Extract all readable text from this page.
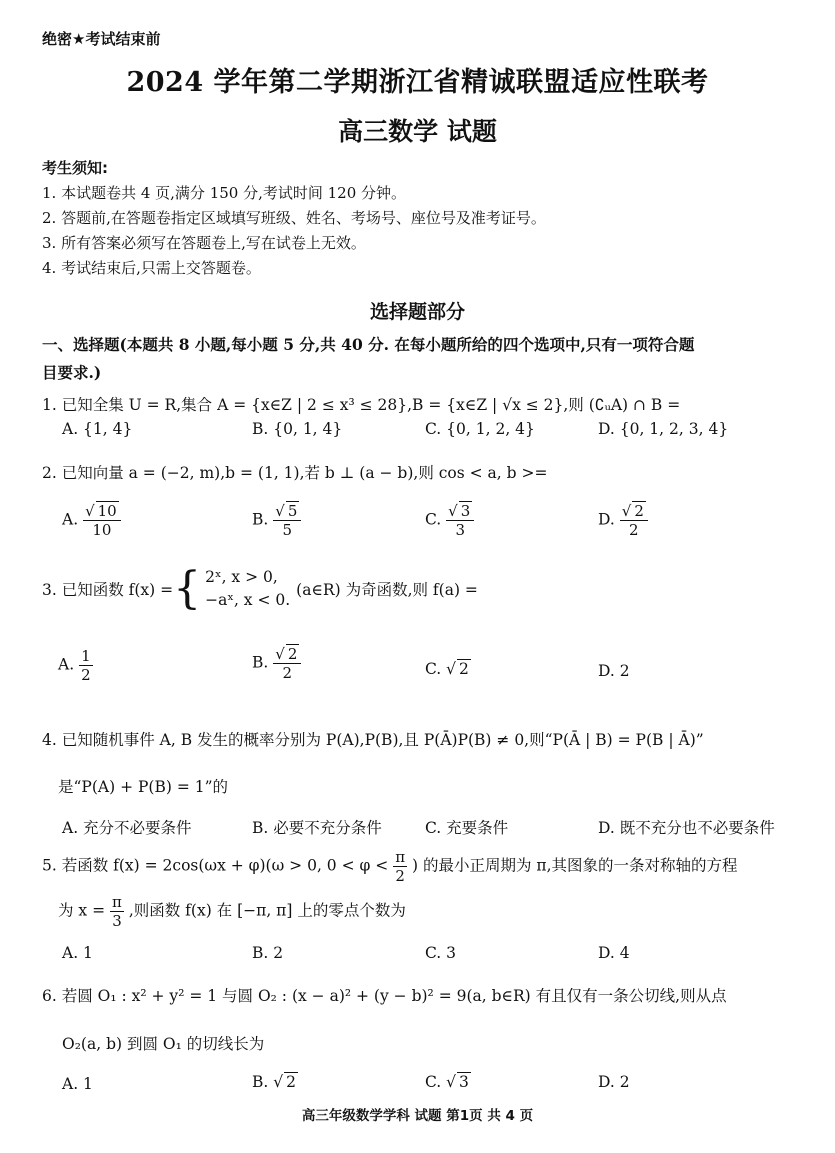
绝密★考试结束前
2024 学年第二学期浙江省精诚联盟适应性联考
高三数学 试题
考生须知:
1. 本试题卷共 4 页,满分 150 分,考试时间 120 分钟。
2. 答题前,在答题卷指定区域填写班级、姓名、考场号、座位号及准考证号。
3. 所有答案必须写在答题卷上,写在试卷上无效。
4. 考试结束后,只需上交答题卷。
选择题部分
一、选择题(本题共 8 小题,每小题 5 分,共 40 分. 在每小题所给的四个选项中,只有一项符合题
目要求.)
1. 已知全集 U = R,集合 A = {x∈Z | 2 ≤ x³ ≤ 28},B = {x∈Z | √x ≤ 2},则 (∁ᵤA) ∩ B =
A. {1, 4}	B. {0, 1, 4}	C. {0, 1, 2, 4}	D. {0, 1, 2, 3, 4}
2. 已知向量 a = (−2, m),b = (1, 1),若 b ⊥ (a − b),则 cos < a, b >=
A. $\frac{√ 10}{10}$	B. $\frac{√ 5}{5}$	C. $\frac{√ 3}{3}$	D. $\frac{√ 2}{2}$
3. 已知函数 f(x) = { 2ˣ, x > 0,
−aˣ, x < 0.
(a∈R) 为奇函数,则 f(a) =
A. $\frac{1}{2}$	B. $\frac{√ 2}{2}$	C. √ 2	D. 2
4. 已知随机事件 A, B 发生的概率分别为 P(A),P(B),且 P(Ā)P(B) ≠ 0,则“P(Ā | B) = P(B | Ā)”
是“P(A) + P(B) = 1”的
A. 充分不必要条件	B. 必要不充分条件	C. 充要条件	D. 既不充分也不必要条件
5. 若函数 f(x) = 2cos(ωx + φ)(ω > 0, $0 < \varphi < \frac{\pi}{2}$ ) 的最小正周期为 π,其图象的一条对称轴的方程
为 $x = \frac{\pi}{3}$ ,则函数 f(x) 在 [−π, π] 上的零点个数为
A. 1	B. 2	C. 3	D. 4
6. 若圆 O₁ : x² + y² = 1 与圆 O₂ : (x − a)² + (y − b)² = 9(a, b∈R) 有且仅有一条公切线,则从点
O₂(a, b) 到圆 O₁ 的切线长为
A. 1	B. √ 2	C. √ 3	D. 2
高三年级数学学科 试题 第1页 共 4 页
